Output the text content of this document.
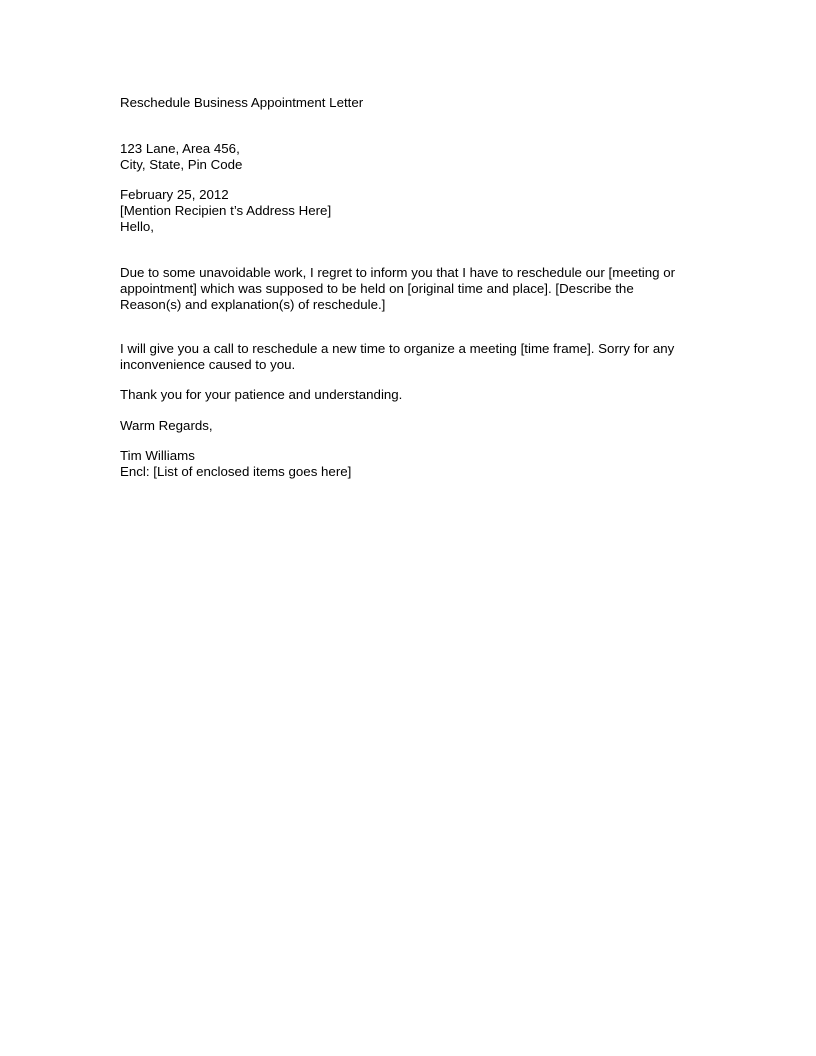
Reschedule Business Appointment Letter
123 Lane, Area 456,
City, State, Pin Code
February 25, 2012
[Mention Recipien t’s Address Here]
Hello,
Due to some unavoidable work, I regret to inform you that I have to reschedule our [meeting or
appointment] which was supposed to be held on [original time and place]. [Describe the
Reason(s) and explanation(s) of reschedule.]
I will give you a call to reschedule a new time to organize a meeting [time frame]. Sorry for any
inconvenience caused to you.
Thank you for your patience and understanding.
Warm Regards,
Tim Williams
Encl: [List of enclosed items goes here]
